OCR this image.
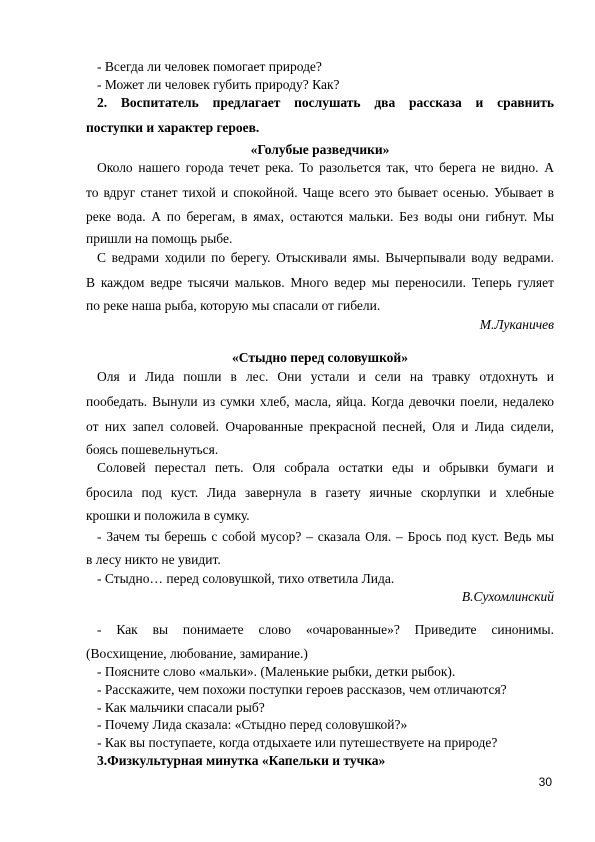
- Всегда ли человек помогает природе?
- Может ли человек губить природу? Как?
2. Воспитатель предлагает послушать два рассказа и сравнить
поступки и характер героев.
«Голубые разведчики»
Около нашего города течет река. То разольется так, что берега не видно. А
то вдруг станет тихой и спокойной. Чаще всего это бывает осенью. Убывает в
реке вода. А по берегам, в ямах, остаются мальки. Без воды они гибнут. Мы
пришли на помощь рыбе.
С ведрами ходили по берегу. Отыскивали ямы. Вычерпывали воду ведрами.
В каждом ведре тысячи мальков. Много ведер мы переносили. Теперь гуляет
по реке наша рыба, которую мы спасали от гибели.
М.Луканичев
«Стыдно перед соловушкой»
Оля и Лида пошли в лес. Они устали и сели на травку отдохнуть и
пообедать. Вынули из сумки хлеб, масла, яйца. Когда девочки поели, недалеко
от них запел соловей. Очарованные прекрасной песней, Оля и Лида сидели,
боясь пошевельнуться.
Соловей перестал петь. Оля собрала остатки еды и обрывки бумаги и
бросила под куст. Лида завернула в газету яичные скорлупки и хлебные
крошки и положила в сумку.
- Зачем ты берешь с собой мусор? – сказала Оля. – Брось под куст. Ведь мы
в лесу никто не увидит.
- Стыдно… перед соловушкой, тихо ответила Лида.
В.Сухомлинский
- Как вы понимаете слово «очарованные»? Приведите синонимы.
(Восхищение, любование, замирание.)
- Поясните слово «мальки». (Маленькие рыбки, детки рыбок).
- Расскажите, чем похожи поступки героев рассказов, чем отличаются?
- Как мальчики спасали рыб?
- Почему Лида сказала: «Стыдно перед соловушкой?»
- Как вы поступаете, когда отдыхаете или путешествуете на природе?
3.Физкультурная минутка «Капельки и тучка»
30
